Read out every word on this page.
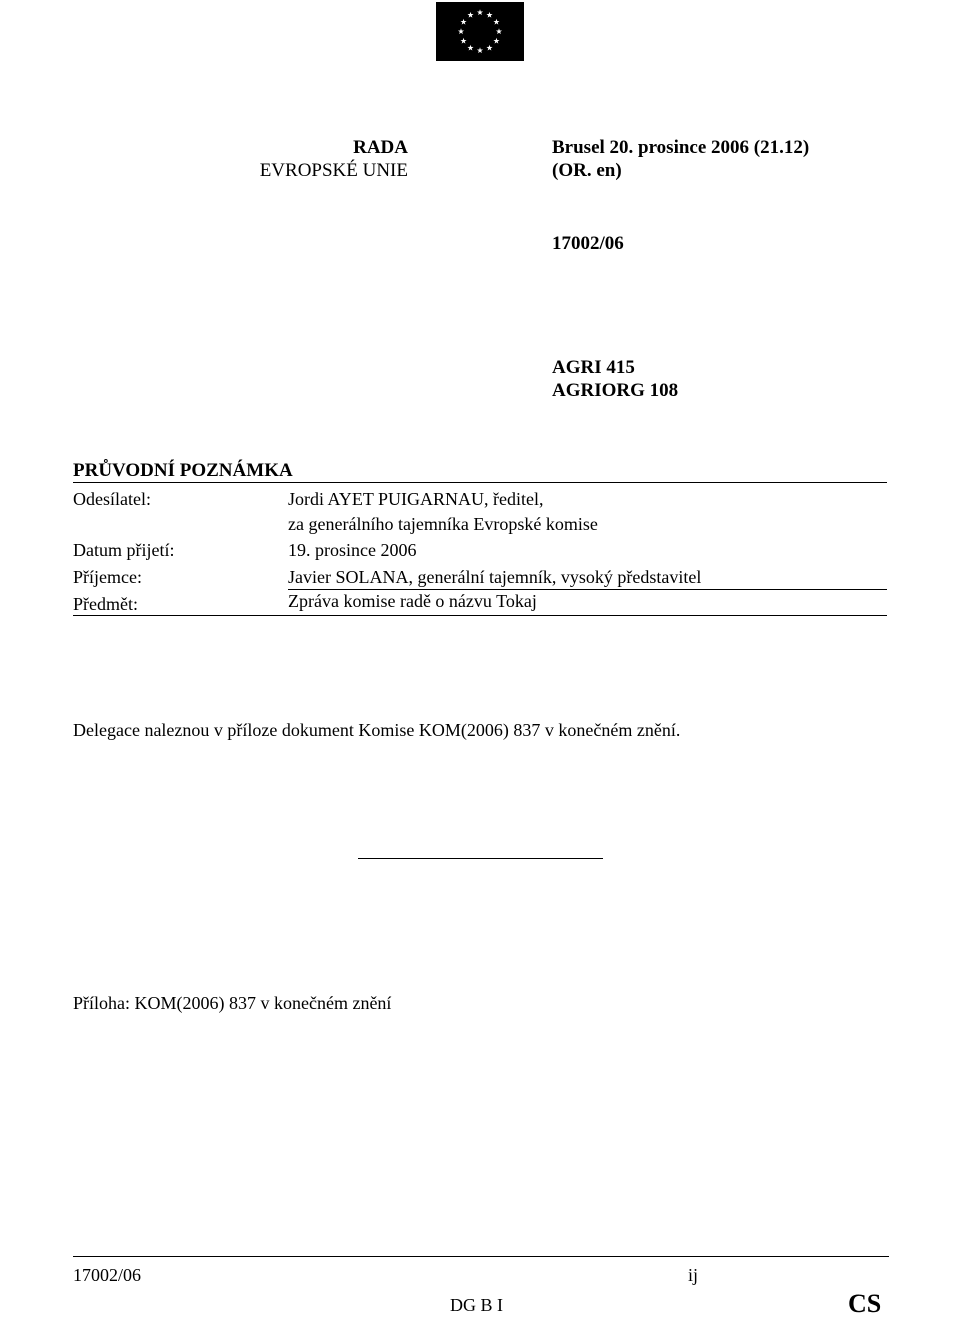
RADA
EVROPSKÉ UNIE
Brusel 20. prosince 2006 (21.12)
(OR. en)
17002/06
AGRI 415
AGRIORG 108
PRŮVODNÍ POZNÁMKA
Odesílatel:	Jordi AYET PUIGARNAU, ředitel,
za generálního tajemníka Evropské komise
Datum přijetí:	19. prosince 2006
Příjemce:	Javier SOLANA, generální tajemník, vysoký představitel
Předmět:	Zpráva komise radě o názvu Tokaj
Delegace naleznou v příloze dokument Komise KOM(2006) 837 v konečném znění.
Příloha: KOM(2006) 837 v konečném znění
17002/06	ij
DG B I	CS
